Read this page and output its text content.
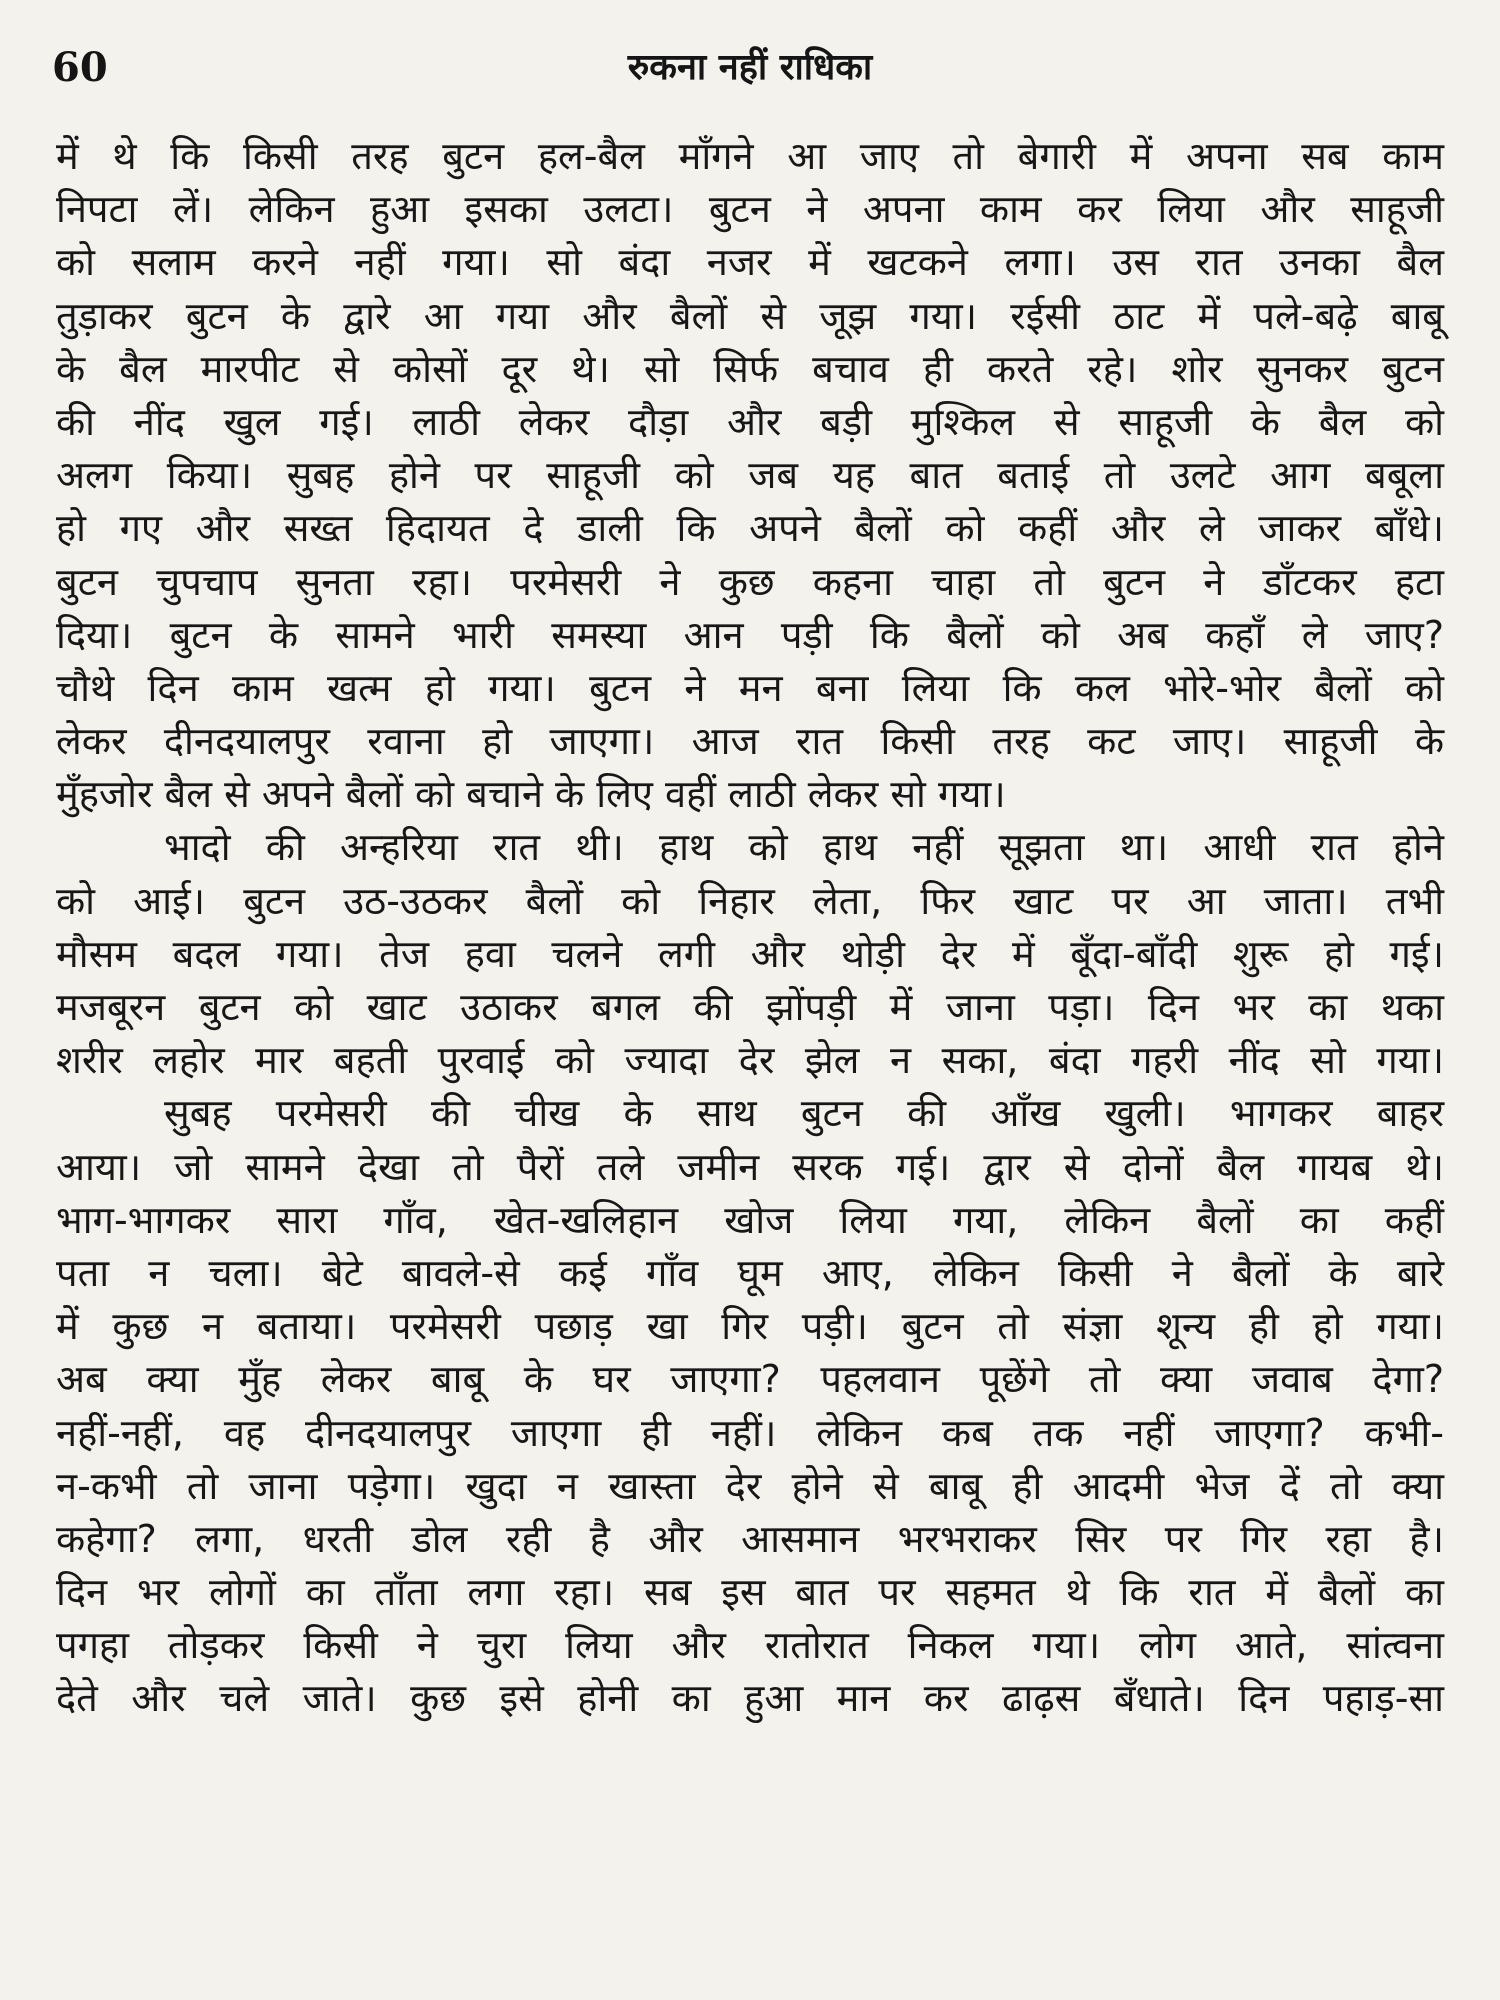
60	रुकना नहीं राधिका
में थे कि किसी तरह बुटन हल-बैल माँगने आ जाए तो बेगारी में अपना सब काम
निपटा लें। लेकिन हुआ इसका उलटा। बुटन ने अपना काम कर लिया और साहूजी
को सलाम करने नहीं गया। सो बंदा नजर में खटकने लगा। उस रात उनका बैल
तुड़ाकर बुटन के द्वारे आ गया और बैलों से जूझ गया। रईसी ठाट में पले-बढ़े बाबू
के बैल मारपीट से कोसों दूर थे। सो सिर्फ बचाव ही करते रहे। शोर सुनकर बुटन
की नींद खुल गई। लाठी लेकर दौड़ा और बड़ी मुश्किल से साहूजी के बैल को
अलग किया। सुबह होने पर साहूजी को जब यह बात बताई तो उलटे आग बबूला
हो गए और सख्त हिदायत दे डाली कि अपने बैलों को कहीं और ले जाकर बाँधे।
बुटन चुपचाप सुनता रहा। परमेसरी ने कुछ कहना चाहा तो बुटन ने डाँटकर हटा
दिया। बुटन के सामने भारी समस्या आन पड़ी कि बैलों को अब कहाँ ले जाए?
चौथे दिन काम खत्म हो गया। बुटन ने मन बना लिया कि कल भोरे-भोर बैलों को
लेकर दीनदयालपुर रवाना हो जाएगा। आज रात किसी तरह कट जाए। साहूजी के
मुँहजोर बैल से अपने बैलों को बचाने के लिए वहीं लाठी लेकर सो गया।
भादो की अन्हरिया रात थी। हाथ को हाथ नहीं सूझता था। आधी रात होने
को आई। बुटन उठ-उठकर बैलों को निहार लेता, फिर खाट पर आ जाता। तभी
मौसम बदल गया। तेज हवा चलने लगी और थोड़ी देर में बूँदा-बाँदी शुरू हो गई।
मजबूरन बुटन को खाट उठाकर बगल की झोंपड़ी में जाना पड़ा। दिन भर का थका
शरीर लहोर मार बहती पुरवाई को ज्यादा देर झेल न सका, बंदा गहरी नींद सो गया।
सुबह परमेसरी की चीख के साथ बुटन की आँख खुली। भागकर बाहर
आया। जो सामने देखा तो पैरों तले जमीन सरक गई। द्वार से दोनों बैल गायब थे।
भाग-भागकर सारा गाँव, खेत-खलिहान खोज लिया गया, लेकिन बैलों का कहीं
पता न चला। बेटे बावले-से कई गाँव घूम आए, लेकिन किसी ने बैलों के बारे
में कुछ न बताया। परमेसरी पछाड़ खा गिर पड़ी। बुटन तो संज्ञा शून्य ही हो गया।
अब क्या मुँह लेकर बाबू के घर जाएगा? पहलवान पूछेंगे तो क्या जवाब देगा?
नहीं-नहीं, वह दीनदयालपुर जाएगा ही नहीं। लेकिन कब तक नहीं जाएगा? कभी-
न-कभी तो जाना पड़ेगा। खुदा न खास्ता देर होने से बाबू ही आदमी भेज दें तो क्या
कहेगा? लगा, धरती डोल रही है और आसमान भरभराकर सिर पर गिर रहा है।
दिन भर लोगों का ताँता लगा रहा। सब इस बात पर सहमत थे कि रात में बैलों का
पगहा तोड़कर किसी ने चुरा लिया और रातोरात निकल गया। लोग आते, सांत्वना
देते और चले जाते। कुछ इसे होनी का हुआ मान कर ढाढ़स बँधाते। दिन पहाड़-सा
